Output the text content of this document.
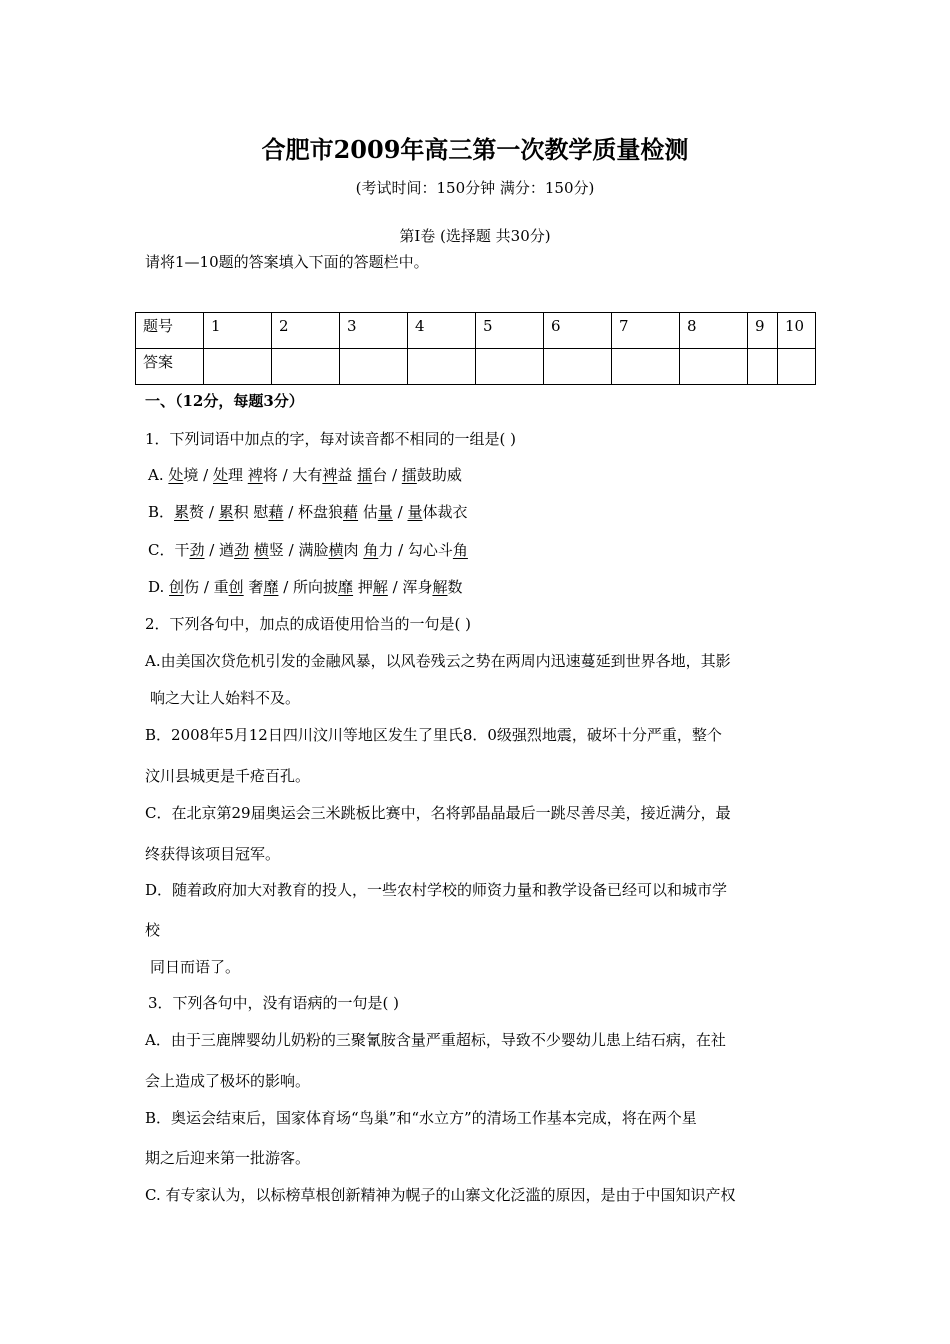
合肥市2009年高三第一次教学质量检测
(考试时间：150分钟 满分：150分)
第I卷 (选择题 共30分)
请将1—10题的答案填入下面的答题栏中。
题号	1	2	3	4	5	6	7	8	9	10
答案										
一、（12分，每题3分）
1．下列词语中加点的字，每对读音都不相同的一组是( )
A. 处境 / 处理 裨将 / 大有裨益 擂台 / 擂鼓助威
B．累赘 / 累积 慰藉 / 杯盘狼藉 估量 / 量体裁衣
C．干劲 / 遒劲 横竖 / 满脸横肉 角力 / 勾心斗角
D. 创伤 / 重创 奢靡 / 所向披靡 押解 / 浑身解数
2．下列各句中，加点的成语使用恰当的一句是( )
A.由美国次贷危机引发的金融风暴，以风卷残云之势在两周内迅速蔓延到世界各地，其影
响之大让人始料不及。
B．2008年5月12日四川汶川等地区发生了里氏8．0级强烈地震，破坏十分严重，整个
汶川县城更是千疮百孔。
C．在北京第29届奥运会三米跳板比赛中，名将郭晶晶最后一跳尽善尽美，接近满分，最
终获得该项目冠军。
D．随着政府加大对教育的投人，一些农村学校的师资力量和教学设备已经可以和城市学
校
同日而语了。
3．下列各句中，没有语病的一句是( )
A．由于三鹿牌婴幼儿奶粉的三聚氰胺含量严重超标，导致不少婴幼儿患上结石病，在社
会上造成了极坏的影响。
B．奥运会结束后，国家体育场“鸟巢”和“水立方”的清场工作基本完成，将在两个星
期之后迎来第一批游客。
C. 有专家认为，以标榜草根创新精神为幌子的山寨文化泛滥的原因，是由于中国知识产权
